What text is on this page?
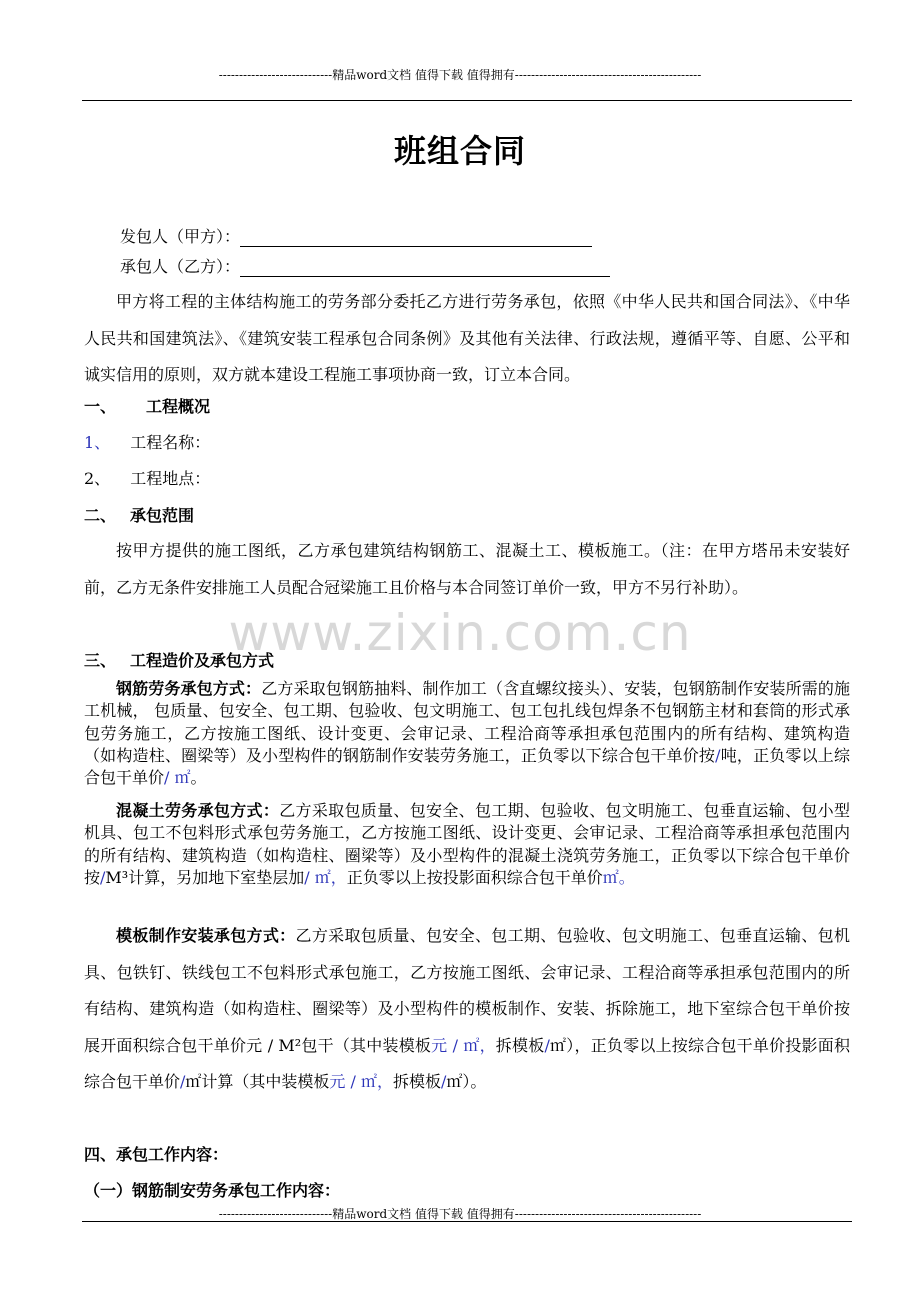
----------------------------精品word文档 值得下载 值得拥有----------------------------------------------
www.zixin.com.cn
班组合同
发包人（甲方）：
承包人（乙方）：
甲方将工程的主体结构施工的劳务部分委托乙方进行劳务承包，依照《中华人民共和国合同法》、《中华人民共和国建筑法》、《建筑安装工程承包合同条例》及其他有关法律、行政法规，遵循平等、自愿、公平和诚实信用的原则，双方就本建设工程施工事项协商一致，订立本合同。
一、 工程概况
1、 工程名称：
2、 工程地点：
二、 承包范围
按甲方提供的施工图纸，乙方承包建筑结构钢筋工、混凝土工、模板施工。（注：在甲方塔吊未安装好前，乙方无条件安排施工人员配合冠梁施工且价格与本合同签订单价一致，甲方不另行补助）。
三、 工程造价及承包方式
钢筋劳务承包方式：乙方采取包钢筋抽料、制作加工（含直螺纹接头）、安装，包钢筋制作安装所需的施工机械， 包质量、包安全、包工期、包验收、包文明施工、包工包扎线包焊条不包钢筋主材和套筒的形式承包劳务施工，乙方按施工图纸、设计变更、会审记录、工程洽商等承担承包范围内的所有结构、建筑构造（如构造柱、圈梁等）及小型构件的钢筋制作安装劳务施工，正负零以下综合包干单价按/吨，正负零以上综合包干单价/ ㎡。
混凝土劳务承包方式：乙方采取包质量、包安全、包工期、包验收、包文明施工、包垂直运输、包小型机具、包工不包料形式承包劳务施工，乙方按施工图纸、设计变更、会审记录、工程洽商等承担承包范围内的所有结构、建筑构造（如构造柱、圈梁等）及小型构件的混凝土浇筑劳务施工，正负零以下综合包干单价按/M³计算，另加地下室垫层加/ ㎡，正负零以上按投影面积综合包干单价㎡。
模板制作安装承包方式：乙方采取包质量、包安全、包工期、包验收、包文明施工、包垂直运输、包机具、包铁钉、铁线包工不包料形式承包施工，乙方按施工图纸、会审记录、工程洽商等承担承包范围内的所有结构、建筑构造（如构造柱、圈梁等）及小型构件的模板制作、安装、拆除施工，地下室综合包干单价按展开面积综合包干单价元 / M²包干（其中装模板元 / ㎡，拆模板/㎡），正负零以上按综合包干单价投影面积综合包干单价/㎡计算（其中装模板元 / ㎡，拆模板/㎡）。
四、承包工作内容：
（一）钢筋制安劳务承包工作内容：
----------------------------精品word文档 值得下载 值得拥有----------------------------------------------
